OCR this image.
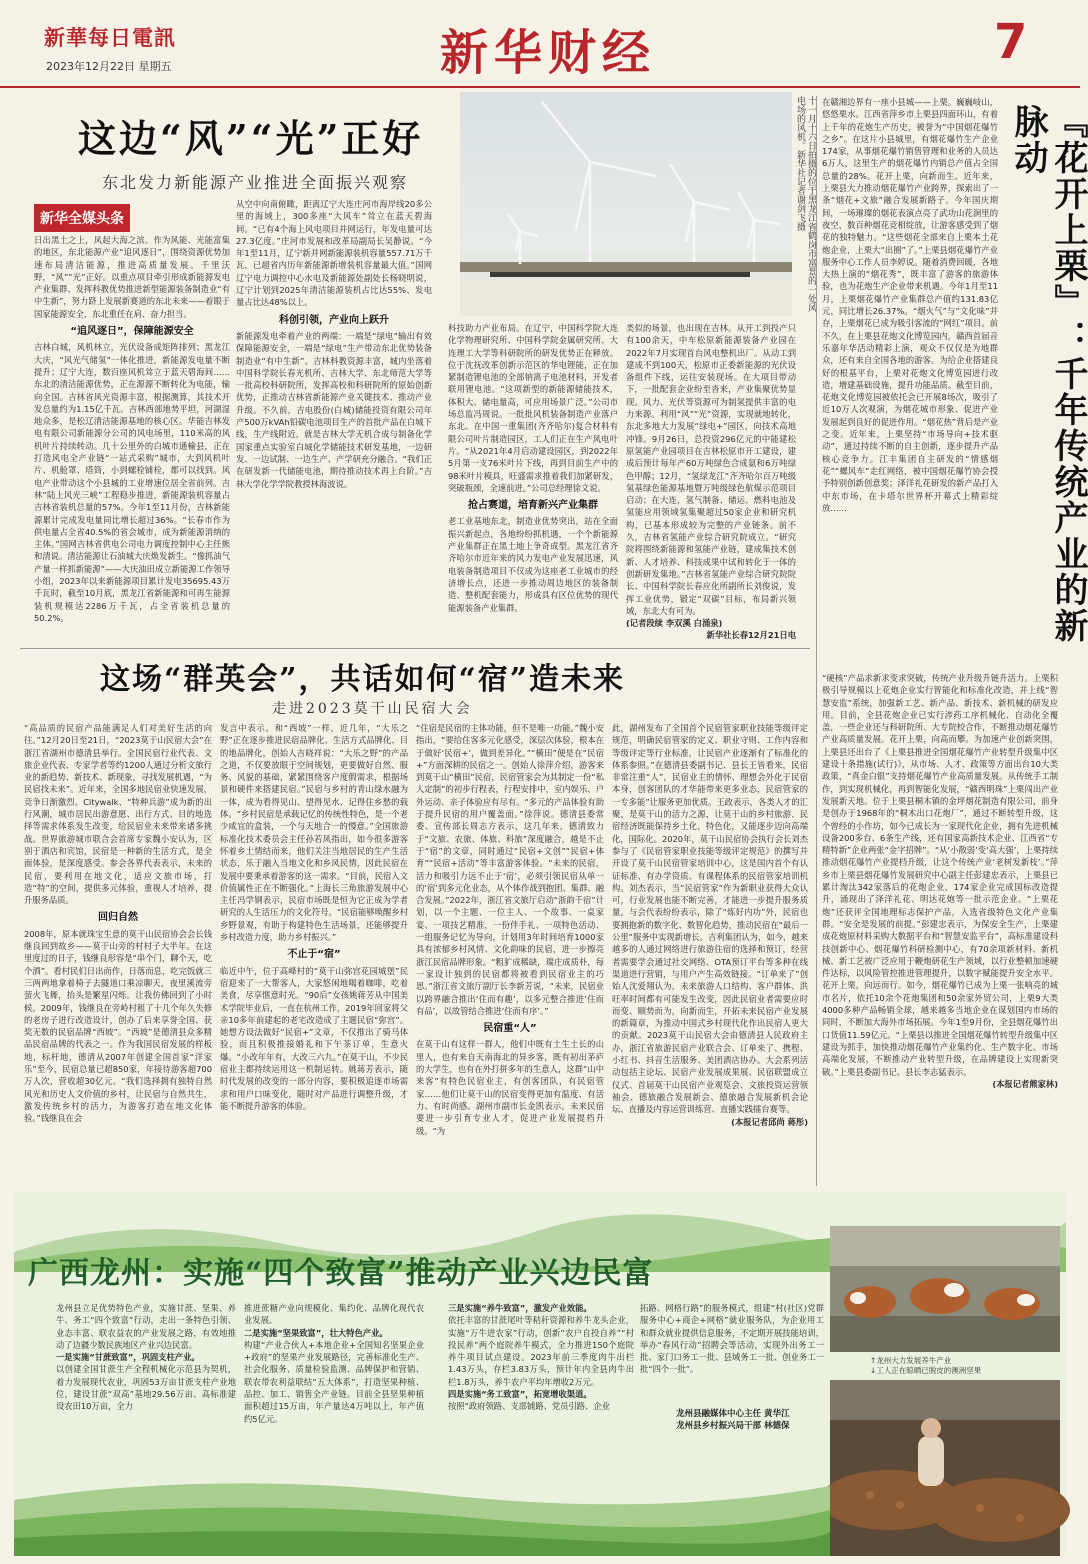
新華每日電訊
2023年12月22日 星期五	新华财经	7
这边“风”“光”正好
东北发力新能源产业推进全面振兴观察	十一月十六日拍摄的位于黑龙江省鹤岗市富景的一处风电场的风机。新华社记者谢剑飞摄
新华全媒头条
日出黑土之上，风起大海之滨。作为风能、光能富集的地区，东北能源产业“追风逐日”，围绕资源优势加速布局清洁能源，推进高质量发展。千里沃野，“风”“光”正好。以重点项目牵引形成新能源发电产业集群、发挥科教优势推进新型能源装备制造业“有中生新”，努力跻上发展新赛道的东北未来——着眼于国家能源安全，东北重任在肩、奋力担当。
“追风逐日”，保障能源安全
吉林白城，风机林立，光伏设备成矩阵排列；黑龙江大庆，“风光气储氢”一体化推进，新能源发电量不断提升；辽宁大连，数百座风机耸立于蓝天碧海间……东北的清洁能源优势，正在源源不断转化为电能，输向全国。吉林省风光资源丰富，根据测算，其技术开发总量约为1.15亿千瓦。吉林西部地势平坦，河湖湿地众多，是松辽清洁能源基地的核心区。华能吉林发电有限公司新能源分公司的风电场里，110米高的风机叶片持续转动。几十公里外的白城市通榆县，正在打造风电全产业链“一站式采购”城市，大到风机叶片、机舱罩、塔筒，小到螺栓铺栓，都可以找到。风电产业带动这个小县城的工业增速位居全省前列。吉林“陆上风光三峡”工程稳步推进，新能源装机容量占吉林省装机总量的57%。今年1至11月份，吉林新能源累计完成发电量同比增长超过36%。“长春市作为供电量占全省40.5%的省会城市，成为新能源消纳的主体。”国网吉林省供电公司电力调度控制中心主任熊和清说。清洁能源让石油城大庆焕发新生。“像抓油气产量一样抓新能源”——大庆油田成立新能源工作领导小组，2023年以来新能源项目累计发电35695.43万千瓦时，截至10月底，黑龙江省新能源和可再生能源装机规模达2286万千瓦，占全省装机总量的50.2%。
从空中向南俯瞰，距离辽宁大连庄河市海岸线20多公里的海域上，300多座“大风车”耸立在蓝天碧海间。“已有4个海上风电项目并网运行，年发电量可达27.3亿度。”庄河市发展和改革局副局长吴静说。“今年1至11月，辽宁新并网新能源装机容量557.71万千瓦，已超省内历年新能源新增装机容量最大值。”国网辽宁电力调控中心水电及新能源处副处长杨晓明说，辽宁计划到2025年清洁能源装机占比达55%、发电量占比达48%以上。
科创引领，产业向上跃升
新能源发电牵着产业的两端：一端是“绿电”输出有效保障能源安全，一端是“绿电”生产带动东北优势装备制造业“有中生新”。吉林科教资源丰富，城内坐落着中国科学院长春光机所、吉林大学、东北师范大学等一批高校科研院所，发挥高校和科研院所的原始创新优势，正推动吉林省新能源产业关键技术、推动产业升级。不久前，吉电股份(白城)储能投资有限公司年产500万kVAh铅碳电池项目生产的首批产品在白城下线，生产线附近，就是吉林大学无机合成与制备化学国家重点实验室白城化学储能技术研发基地，一边研发、一边试制、一边生产、产学研充分融合。“我们正在研发新一代储能电池，期待推动技术再上台阶。”吉林大学化学学院教授林海波说。
科技助力产业布局。在辽宁，中国科学院大连化学物理研究所、中国科学院金属研究所、大连理工大学等科研院所的研发优势正在释放。位于沈抚改革创新示范区的华电锂能，正在加紧制造锂电池的全部钠离子电池材料，开发者联用锂电池。“这项新型的新能源储能技术，体积大、储电量高，可应用场景广泛。”公司市场总监冯周说。一批批风机装备制造产业落户东北。在中国一重集团(齐齐哈尔)复合材料有限公司叶片制造园区，工人们正在生产风电叶片。“从2021年4月启动建设园区，到2022年5月第一支76米叶片下线，再到目前生产中的98米叶片模具，旺盛需求推着我们加紧研发，突破瓶颈，全速前进。”公司总经理徐文说。
抢占赛道，培育新兴产业集群
老工业基地东北，制造业优势突出，站在全面振兴新起点，各地纷纷抓机遇，一个个新能源产业集群正在黑土地上争奇成型。黑龙江省齐齐哈尔市近年来的风力发电产业发展迅速，风电装备制造项目不仅成为这座老工业城市的经济增长点，还进一步推动周边地区的装备制造、整机配套能力，形成具有区位优势的现代能源装备产业集群。
类似的场景，也出现在吉林。从开工到投产只有100余天，中车松原新能源装备产业园在2022年7月实现首台风电整机出厂。从动工到建成不到100天，松原市正委新能源的光伏设备组件下线，运往安装现场。在大项目带动下，一批配套企业纷至沓来，产业集聚优势显现。风力、光伏等资源可为制氢提供丰富的电力来源。利用“风”“光”资源，实现就地转化，东北多地大力发展“绿电+”园区，向技术高地冲锋。9月26日，总投资296亿元的中能建松原氢能产业园项目在吉林松原市开工建设，建成后预计每年产60万吨绿色合成氨和6万吨绿色甲醇；12月，“氢绿龙江”齐齐哈尔百万吨级氢基绿色能源基地暨万吨级绿色航煤示范项目启动；在大连，氢气制备、储运、燃料电池及氢能应用领域氢集聚超过50家企业和研究机构，已基本形成较为完整的产业链条。前不久，吉林省氢能产业综合研究院成立。“研究院将围绕新能源和氢能产业链，建成集技术创新、人才培养、科技成果中试和转化于一体的创新研发集地。”吉林省氢能产业综合研究院院长、中国科学院长春应化所副所长刘俊说，发挥工业优势，锻定“双碳”目标，布局新兴领域，东北大有可为。
(记者段续 李双溪 白涌泉)
新华社长春12月21日电
在赣湘边界有一座小县城——上栗。巍巍岐山，悠悠栗水。江西省萍乡市上栗县四面环山，有着上千年的花炮生产历史，被誉为“中国烟花爆竹之乡”。在这片小县城里，有烟花爆竹生产企业174家，从事烟花爆竹销售管理和业务的人员达6万人，这里生产的烟花爆竹内销总产值占全国总量的28%。花开上栗，向新而生。近年来，上栗县大力推动烟花爆竹产业跨界，探索出了一条“烟花+文旅”融合发展新路子。今年国庆期间，一场璀璨的烟花表演点亮了武功山花涧里的夜空，数百种烟花竞相绽放，让游客感受到了烟花的独特魅力。“这些烟花全部来自上栗本土花炮企业，上栗大“出圈”了。”上栗县烟花爆竹产业服务中心工作人员李婷说。随着消费回暖，各地大热上演的“烟花秀”，既丰富了游客的旅游体验，也为花炮生产企业带来机遇。今年1月至11月，上栗烟花爆竹产业集群总产值约131.83亿元，同比增长26.37%。“烟火气”与“文化味”并存，上栗烟花已成为吸引客流的“网红”项目。前不久，在上栗县花炮文化博览园内，赣西首届音乐嘉年华活动精彩上演，观众不仅仅是为地群众，还有来自全国各地的游客。为给企业搭建良好的根基平台，上栗对花炮文化博览园进行改造，增建基础设施，提升功能品质。截至目前，花炮文化博览园被依托会已开展8场次，吸引了近10万人次观演，为烟花城市形象、促进产业发展起到良好的促进作用。“烟花热”背后是产业之变。近年来，上栗坚持“市场导向+技术驱动”，通过持续不断的自主创新，逐步提升产品核心竞争力。江丰集团自主研发的“情感烟花”“螺风车”走红网络，被中国烟花爆竹协会授予特别创新创意奖；泽洋礼花研发的新产品打入中东市场，在卡塔尔世界杯开幕式上精彩绽放……	『花开上栗』：千年传统产业的新脉动
“硬核”产品求新求变求突破，传统产业升级升链升活力。上栗积极引导规模以上花炮企业实行智能化和标准化改造，并上线“智慧安监”系统，加强新工艺、新产品、新技术、新机械的研发应用。目前，全县花炮企业已实行涉药工序机械化、自动化全覆盖，一些企业还与科研院所、大专院校合作，不断推动烟花爆竹产业高质量发展。花开上栗，向高而攀。为加速产业创新突围，上栗县还出台了《上栗县推进全国烟花爆竹产业转型升级集中区建设十条措施(试行)》，从市场、人才、政策等方面出台10大类政策，“真金白银”支持烟花爆竹产业高质量发展。从传统手工制作，到实现机械化，再到智能化发展，“赣西明珠”上栗闯出产业发展新天地。位于上栗县桐木镇的金坪烟花制造有限公司，前身是创办于1968年的“桐木出口花炮厂”，通过不断转型升级，这个曾经的小作坊，如今已成长为一家现代化企业，拥有先进机械设备200多台、6条生产线，还有国家高新技术企业、江西省“专精特新”企业两张“金字招牌”。“从‘小散弱’变‘高大强’，上栗持续推动烟花爆竹产业提档升级，让这个传统产业‘老树发新枝’。”萍乡市上栗县烟花爆竹发展研究中心副主任彭建忠表示，上栗县已累计淘汰342家落后的花炮企业，174家企业完成国标改造提升，涌现出了泽洋礼花、明达花炮等一批示范企业。“上栗花炮”还获评全国地理标志保护产品，入选省级特色文化产业集群。“安全是发展的前提。”彭建忠表示，为保安全生产，上栗建成花炮原材料采购大数据平台和“智慧安监平台”，高标准建设科技创新中心、烟花爆竹科研检测中心，有70余项新材料、新机械、新工艺被广泛应用于鞭炮研花生产领域，以行业整顿加速硬件达标，以风险管控推进管理提升，以数字赋能提升安全水平。花开上栗，向远而行。如今，烟花爆竹已成为上栗一张响亮的城市名片，依托10余个花炮集团和50余家外贸公司，上栗9大类4000多种产品畅销全球，越来越多当地企业在谋划国内市场的同时，不断加大海外市场拓展。今年1至9月份，全县烟花爆竹出口货值11.59亿元。“上栗县以推进全国烟花爆竹转型升级集中区建设为抓手，加快推动烟花爆竹产业集约化、生产数字化、市场高端化发展，不断推动产业转型升级，在品牌建设上实现新突破。”上栗县委副书记、县长李志猛表示。
(本报记者熊家林)
这场“群英会”，共话如何“宿”造未来
走进2023莫干山民宿大会
“高品质的民宿产品能满足人们对美好生活的向往。”12月20日至21日，“2023莫干山民宿大会”在浙江省湖州市德清县举行。全国民宿行业代表、文旅企业代表、专家学者等约1200人通过分析文旅行业的新趋势、新技术、新现象，寻找发展机遇，“为民宿找未来”。近年来，全国多地民宿业快速发展，竞争日渐激烈。Citywalk、“特种兵游”成为新的出行风潮，城市居民出游意愿、出行方式、目的地选择等需求体系发生改变，给民宿业未来带来诸多挑战。世界旅游城市联合会首席专家魏小安认为，区别于酒店和宾馆，民宿是一种新的生活方式，是全面体验，是深度感受。参会各界代表表示，未来的民宿，要利用在地文化，适应文旅市场，打造“特”的空间，提供多元体验，重视人才培养，提升服务品质。
回归自然
2008年，原本就珠宝生意的莫干山民宿协会会长钱继良回到故乡——莫干山旁的村村子大半年。在这里度过的日子，钱继良形容是“串个门，聊个天，吃个酒”。看村民们日出而作，日落而息，吃完饭就三三两两地拿着椅子去隧道口乘凉聊天，夜里溪流旁萤火飞舞，抬头是繁星闪烁。让我仿佛回到了小时候。2009年，钱继良在旁岭村租了十几个年久失修的老房子进行改造设计，创办了后来享誉全国、获奖无数的民宿品牌“西坡”。“西坡”是德清县众多精品民宿品牌的代表之一。作为我国民宿发展的样板地，标杆地，德清从2007年创建全国首家“洋家乐”至今，民宿总量已超850家，年接待游客超700万人次，营收超30亿元。“我们选择拥有独特自然风光和历史人文价值的乡村，让民宿与自然共生，激发传统乡村的活力，为游客打造在地文化体验。”钱继良在会
发言中表示。和“西坡”一样，近几年，“大乐之野”正在逐步推进民宿品牌化、生活方式品牌化、目的地品牌化，创始人吉晓祥说：“大乐之野”的产品之道，不仅要放眼于空间规划，更要做好自然、服务、风貌的基础，紧紧围绕客户度假需求，根据场景和硬件来搭建民宿。”民宿与乡村的青山绿水融为一体，成为看得见山、望得见水、记得住乡愁的载体。“乡村民宿是承载记忆的传统性特色，是一个老少咸宜的盒装，一个与天地合一的慢意。”全国旅游标准化技术委员会主任孙若风指出，如今很多游客怀着乡土情结而来，他们关注当地居民的生产生活状态，乐于融入当地文化和乡风民情，因此民宿在发展中要秉承着游客的这一需求。“目前，民宿入文价值属性正在不断强化。”上海长三角旅游发展中心主任冯学钢表示，民宿市场既是恒为它正成为学者研究的人生活压力的文化符号。“民宿能够唤醒乡村乡野景观，有助于构建特色生活场景，还能够提升乡村改造力度，助力乡村振兴。”
不止于“宿”
临近中午，位于高峰村的“莫干山弥宫花园城堡”民宿迎来了一大帮客人，大家悠闲地喝着咖啡，吃着美食，尽享惬意时光。“90后”女孩姚蒋芳从中国美术学院毕业后，一直在杭州工作，2019年回家将父亲10多年前建起的老宅改造成了主题民宿“弥宫”。她想方设法做好“民宿+”文章，不仅推出了骑马体验，而且积极推接婚礼和下午茶订单，生意火爆。“小改年年有，大改三六九。”在莫干山，不少民宿业主都持续运用这一机制运转。姚蒋芳表示，随时代发展的改变的一部分内容，要积极追逐市场需求和用户口味变化，随时对产品进行调整升级，才能不断提升游客的体验。
“住宿是民宿的主体功能，但不是唯一功能。”魏小安指出，“要给住客多元化感受，深层次体验，根本在于做好‘民宿+’，做到差异化。”“横田”便是在“民宿+”方面深耕的民宿之一。创始人徐萍介绍，游客来到莫干山“横田”民宿，民宿管家会为其制定一份“私人定制”的初步行程表，行程安排中，室内娱乐、户外运动、亲子体验应有尽有。“多元的产品体验有助于提升民宿的用户覆盖面。”徐萍说。德清县委常委、宣传部长周志方表示，这几年来，德清致力于“文旅、农旅、体旅、科旅”深度融合，越是不止于“宿”的文章，同时通过“民宿+文创”“民宿+体育”“民宿+活动”等丰富游客体验。“未来的民宿，活力和吸引力远不止于‘宿’，必须引领民宿从单一的‘宿’到多元化业态，从个体作战到抱团、集群、融合发展。”2022年，浙江省文旅厅启动“浙韵千宿”计划，以一个主题、一位主人、一个故事、一桌家宴、一项技艺精准，一份伴手礼、一项特色活动、一组服务记忆为导向，计划用3年时间培育1000家具有浓郁乡村风情、文化韵味的民宿，进一步擦亮浙江民宿品牌形象。“粗犷成稀缺，瑞庄成质朴，每一家设计独到的民宿都将被看到民宿业主的巧思。”浙江省文旅厅副厅长李新芳说，“未来，民宿业以跨界融合推出‘住而有趣’，以多元整合推进‘住而有品’，以故管结合推进‘住而有序’。”
民宿重“人”
在莫干山有这样一群人，他们中既有土生土长的山里人，也有来自天南海北的异乡客，既有初出茅庐的大学生，也有在外打拼多年的生意人，这群“山中来客”有特色民宿业主，有创客团队，有民宿管家……他们让莫干山的民宿变得更加有温度、有活力、有时尚感。湖州市副市长金凯表示，未来民宿要进一步引育专业人才，促进产业发展提档升级。“为
此，湖州发布了全国首个民宿管家职业技能等级评定规范，明确民宿管家的定义、职业守则、工作内容和等级评定等行业标准，让民宿产业逐渐有了标准化的体系参照。”在德清县委副书记、县长王皆看来，民宿非常注重“人”，民宿业主的情怀、理想会外化于民宿本身，创客团队的才华能带来更多业态，民宿管家的一专多能”让服务更加优质。王政表示，各类人才的汇聚，是莫干山的活力之源，让莫干山的乡村旅游、民宿经济既能保持乡土化，特色化，又能逐步迈向高端化，国际化。2020年，莫干山民宿协会执行会长刘杰参与了《民宿管家职业技能等级评定规范》的撰写并开设了莫干山民宿管家培训中心，这是国内首个有认证标准、有办学资质、有课程体系的民宿管家培训机构。刘杰表示，当“民宿管家”作为新职业获得大众认可，行业发展也能不断完善，才能进一步提升服务质量。与会代表纷纷表示，除了“炼好内功”外，民宿也要拥抱新的数字化、数智化趋势，推动民宿在“最后一公里”服务中实现新增长。吉利集团认为，如今，越来越多的人通过网络进行旅游住宿的选择和预订，经营者需要学会通过社交网络、OTA预订平台等多种在线渠道进行营销，与用户产生高效链接。“订单来了”创始人沈爱翔认为，未来旅游人口结构、客户群体、洪旺率时间都有可能发生改变，因此民宿业者需要应时而变、顺势而为，向新而生，开拓未来民宿产业发展的新篇章，为推动中国式乡村现代化作出民宿人更大的贡献。2023莫干山民宿大会由德清县人民政府主办，浙江省旅游民宿产业联合会、订单来了、携程、小红书、抖音生活服务、美团酒店协办。大会系列活动包括主论坛、民宿产业发展成果展、民宿联盟成立仪式、首届莫干山民宿产业观览会、文旅投资运营领袖会、德旅融合发展新会、德旅融合发展新机会论坛、直播及内容运营训练营、直播实践擂台赛等。
(本报记者邱尚 蒋彤)
广西龙州：实施“四个致富”推动产业兴边民富
↑龙州大力发展养牛产业
↓工人正在晾晒已脱皮的澳洲坚果
龙州县立足优势特色产业，实施甘蔗、坚果、养牛、务工“四个致富”行动，走出一条特色引领、业态丰富、联农益农的产业发展之路，有效地推动了边疆少数民族地区产业兴边民富。
一是实施“甘蔗致富”，巩固支柱产业。
以创建全国甘蔗生产全程机械化示范县为契机，着力发展现代农业，巩固53万亩甘蔗支柱产业地位，建设甘蔗“双高”基地29.56万亩、高标准建设农田10万亩，全力
推进蔗糖产业向规模化、集约化、品牌化现代农业发展。
二是实施“坚果致富”，壮大特色产业。
构建“产业合伙人+本地企业+全国知名坚果企业+政府”的坚果产业发展路径，完善标准化生产、社会化服务、质量检验监测、品牌保护和营销、联农带农利益联结“五大体系”，打造坚果种植、品控、加工、销售全产业链。目前全县坚果种植面积超过15万亩，年产量达4万吨以上，年产值约5亿元。
三是实施“养牛致富”，激发产业效能。
依托丰富的甘蔗尾叶等秸秆资源和养牛龙头企业，实施“万牛进农家”行动，创新“农户自投自养”“村投民养”两个庭院养牛模式，全力推进150个庭院养牛项目试点建设。2023年前三季度肉牛出栏1.43万头，存栏3.83万头，预计年内全县肉牛出栏1.8万头，养牛农户平均年增收2万元。
四是实施“务工致富”，拓宽增收渠道。
按照“政府领路、支部铺路、党员引路、企业
拓路、网格行路”的服务模式，组建“村(社区)党群服务中心+商企+网格”就业服务队，为企业用工和群众就业提供信息服务，不定期开展技能培训，举办“春风行动”招聘会等活动，实现外出务工一批、家门口务工一批、县域务工一批、创业务工一批“四个一批”。
龙州县融媒体中心主任 黄华江
龙州县乡村振兴局干部 林德保
